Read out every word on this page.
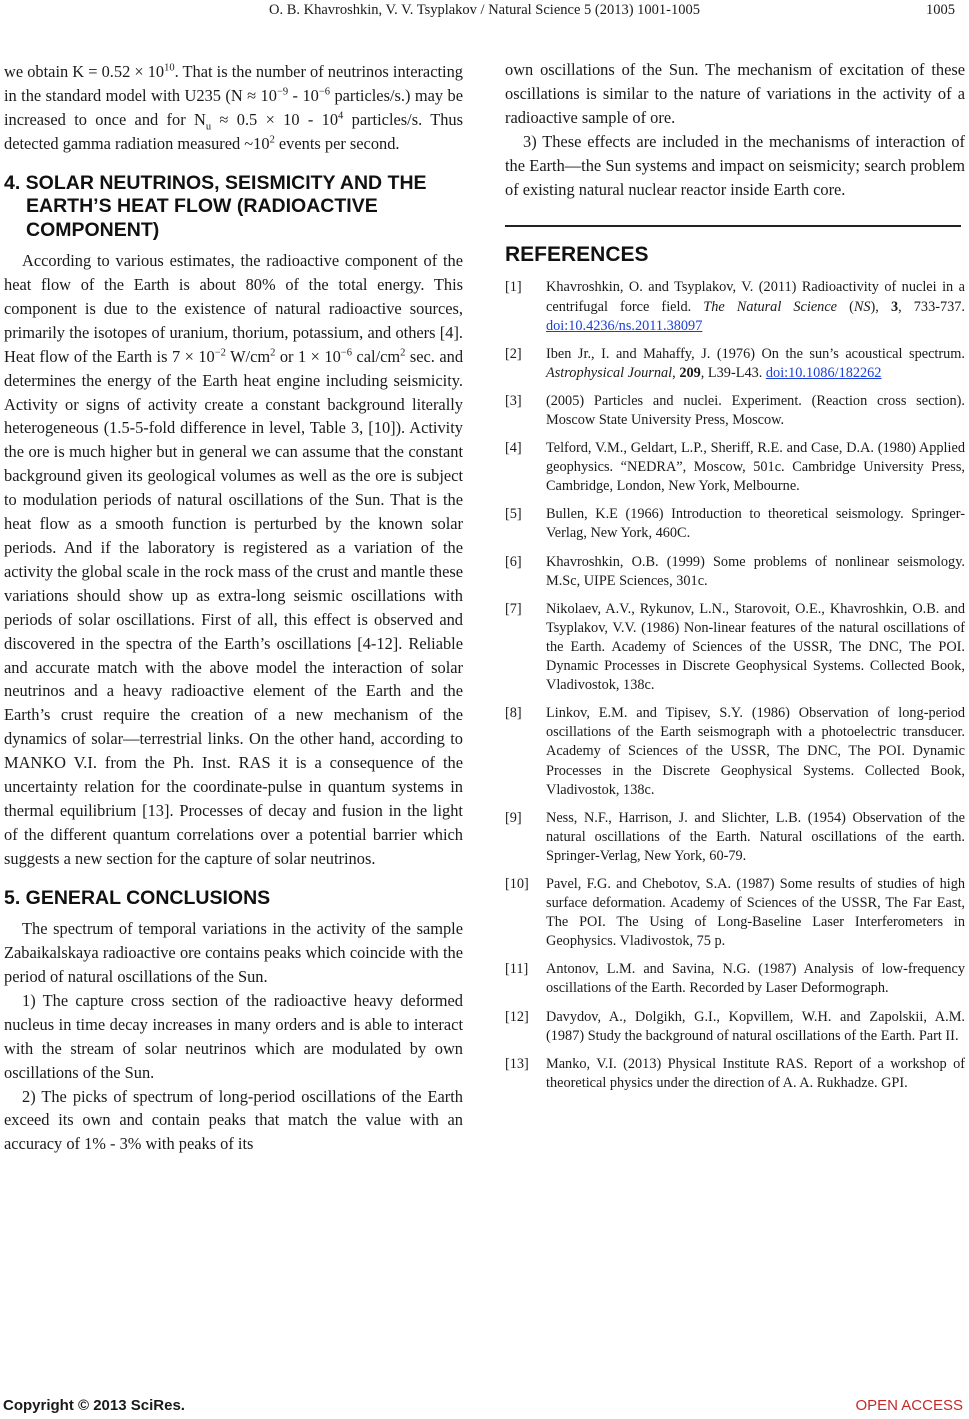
O. B. Khavroshkin, V. V. Tsyplakov / Natural Science 5 (2013) 1001-1005	1005

we obtain $K = 0.52 \times 10^{10}$. That is the number of neutrinos interacting in the standard model with U235 ($N \approx 10^{-9} - 10^{-6}$ particles/s.) may be increased to once and for $N_u \approx 0.5 \times 10 - 10^4$ particles/s. Thus detected gamma radiation measured $\sim 10^2$ events per second.

4. SOLAR NEUTRINOS, SEISMICITY AND THE EARTH’S HEAT FLOW (RADIOACTIVE COMPONENT)

According to various estimates, the radioactive component of the heat flow of the Earth is about 80% of the total energy. This component is due to the existence of natural radioactive sources, primarily the isotopes of uranium, thorium, potassium, and others [4]. Heat flow of the Earth is $7 \times 10^{-2}$ $W/cm^2$ or $1 \times 10^{-6}$ cal/$cm^2$ sec. and determines the energy of the Earth heat engine including seismicity. Activity or signs of activity create a constant background literally heterogeneous (1.5-5-fold difference in level, Table 3, [10]). Activity the ore is much higher but in general we can assume that the constant background given its geological volumes as well as the ore is subject to modulation periods of natural oscillations of the Sun. That is the heat flow as a smooth function is perturbed by the known solar periods. And if the laboratory is registered as a variation of the activity the global scale in the rock mass of the crust and mantle these variations should show up as extra-long seismic oscillations with periods of solar oscillations. First of all, this effect is observed and discovered in the spectra of the Earth’s oscillations [4-12]. Reliable and accurate match with the above model the interaction of solar neutrinos and a heavy radioactive element of the Earth and the Earth’s crust require the creation of a new mechanism of the dynamics of solar—terrestrial links. On the other hand, according to MANKO V.I. from the Ph. Inst. RAS it is a consequence of the uncertainty relation for the coordinate-pulse in quantum systems in thermal equilibrium [13]. Processes of decay and fusion in the light of the different quantum correlations over a potential barrier which suggests a new section for the capture of solar neutrinos.

5. GENERAL CONCLUSIONS

The spectrum of temporal variations in the activity of the sample Zabaikalskaya radioactive ore contains peaks which coincide with the period of natural oscillations of the Sun.

1) The capture cross section of the radioactive heavy deformed nucleus in time decay increases in many orders and is able to interact with the stream of solar neutrinos which are modulated by own oscillations of the Sun.

2) The picks of spectrum of long-period oscillations of the Earth exceed its own and contain peaks that match the value with an accuracy of 1% - 3% with peaks of its

own oscillations of the Sun. The mechanism of excitation of these oscillations is similar to the nature of variations in the activity of a radioactive sample of ore.

3) These effects are included in the mechanisms of interaction of the Earth—the Sun systems and impact on seismicity; search problem of existing natural nuclear reactor inside Earth core.

REFERENCES
[1]	Khavroshkin, O. and Tsyplakov, V. (2011) Radioactivity of nuclei in a centrifugal force field. The Natural Science (NS), 3, 733-737. doi:10.4236/ns.2011.38097
[2]	Iben Jr., I. and Mahaffy, J. (1976) On the sun’s acoustical spectrum. Astrophysical Journal, 209, L39-L43. doi:10.1086/182262
[3]	(2005) Particles and nuclei. Experiment. (Reaction cross section). Moscow State University Press, Moscow.
[4]	Telford, V.M., Geldart, L.P., Sheriff, R.E. and Case, D.A. (1980) Applied geophysics. “NEDRA”, Moscow, 501c. Cambridge University Press, Cambridge, London, New York, Melbourne.
[5]	Bullen, K.E (1966) Introduction to theoretical seismology. Springer-Verlag, New York, 460C.
[6]	Khavroshkin, O.B. (1999) Some problems of nonlinear seismology. M.Sc, UIPE Sciences, 301c.
[7]	Nikolaev, A.V., Rykunov, L.N., Starovoit, O.E., Khavroshkin, O.B. and Tsyplakov, V.V. (1986) Non-linear features of the natural oscillations of the Earth. Academy of Sciences of the USSR, The DNC, The POI. Dynamic Processes in Discrete Geophysical Systems. Collected Book, Vladivostok, 138c.
[8]	Linkov, E.M. and Tipisev, S.Y. (1986) Observation of long-period oscillations of the Earth seismograph with a photoelectric transducer. Academy of Sciences of the USSR, The DNC, The POI. Dynamic Processes in the Discrete Geophysical Systems. Collected Book, Vladivostok, 138c.
[9]	Ness, N.F., Harrison, J. and Slichter, L.B. (1954) Observation of the natural oscillations of the Earth. Natural oscillations of the earth. Springer-Verlag, New York, 60-79.
[10]	Pavel, F.G. and Chebotov, S.A. (1987) Some results of studies of high surface deformation. Academy of Sciences of the USSR, The Far East, The POI. The Using of Long-Baseline Laser Interferometers in Geophysics. Vladivostok, 75 p.
[11]	Antonov, L.M. and Savina, N.G. (1987) Analysis of low-frequency oscillations of the Earth. Recorded by Laser Deformograph.
[12]	Davydov, A., Dolgikh, G.I., Kopvillem, W.H. and Zapolskii, A.M. (1987) Study the background of natural oscillations of the Earth. Part II.
[13]	Manko, V.I. (2013) Physical Institute RAS. Report of a workshop of theoretical physics under the direction of A. A. Rukhadze. GPI.
Copyright © 2013 SciRes.	OPEN ACCESS
